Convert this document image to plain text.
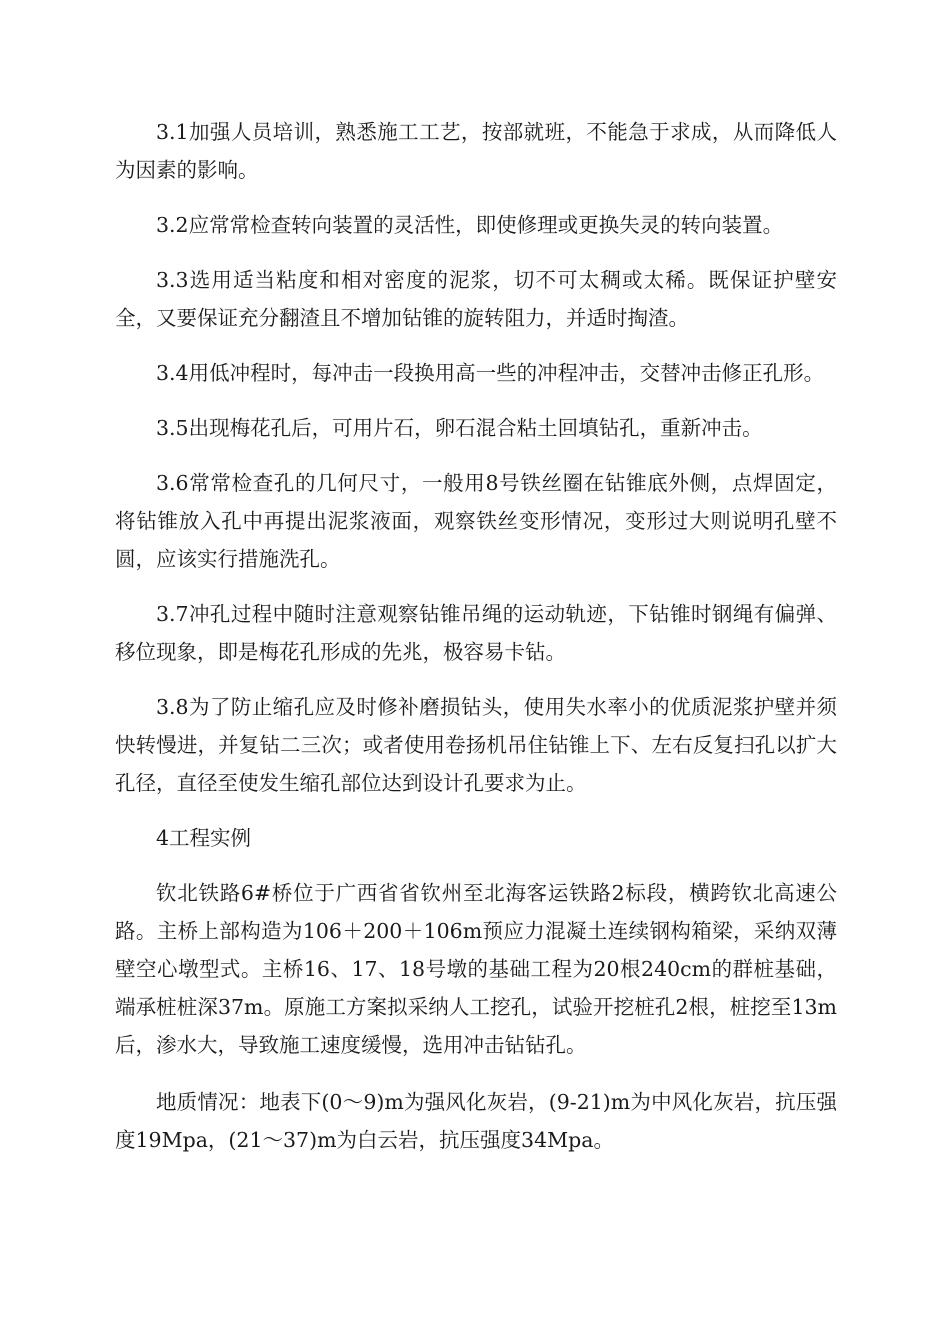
3.1加强人员培训，熟悉施工工艺，按部就班，不能急于求成，从而降低人为因素的影响。

3.2应常常检查转向装置的灵活性，即使修理或更换失灵的转向装置。

3.3选用适当粘度和相对密度的泥浆，切不可太稠或太稀。既保证护壁安全，又要保证充分翻渣且不增加钻锥的旋转阻力，并适时掏渣。

3.4用低冲程时，每冲击一段换用高一些的冲程冲击，交替冲击修正孔形。

3.5出现梅花孔后，可用片石，卵石混合粘土回填钻孔，重新冲击。

3.6常常检查孔的几何尺寸，一般用8号铁丝圈在钻锥底外侧，点焊固定，将钻锥放入孔中再提出泥浆液面，观察铁丝变形情况，变形过大则说明孔壁不圆，应该实行措施洗孔。

3.7冲孔过程中随时注意观察钻锥吊绳的运动轨迹，下钻锥时钢绳有偏弹、移位现象，即是梅花孔形成的先兆，极容易卡钻。

3.8为了防止缩孔应及时修补磨损钻头，使用失水率小的优质泥浆护壁并须快转慢进，并复钻二三次；或者使用卷扬机吊住钻锥上下、左右反复扫孔以扩大孔径，直径至使发生缩孔部位达到设计孔要求为止。

4工程实例

钦北铁路6#桥位于广西省省钦州至北海客运铁路2标段，横跨钦北高速公路。主桥上部构造为106＋200＋106m预应力混凝土连续钢构箱梁，采纳双薄壁空心墩型式。主桥16、17、18号墩的基础工程为20根240cm的群桩基础，端承桩桩深37m。原施工方案拟采纳人工挖孔，试验开挖桩孔2根，桩挖至13m后，渗水大，导致施工速度缓慢，选用冲击钻钻孔。

地质情况：地表下(0～9)m为强风化灰岩，(9-21)m为中风化灰岩，抗压强度19Mpa，(21～37)m为白云岩，抗压强度34Mpa。
